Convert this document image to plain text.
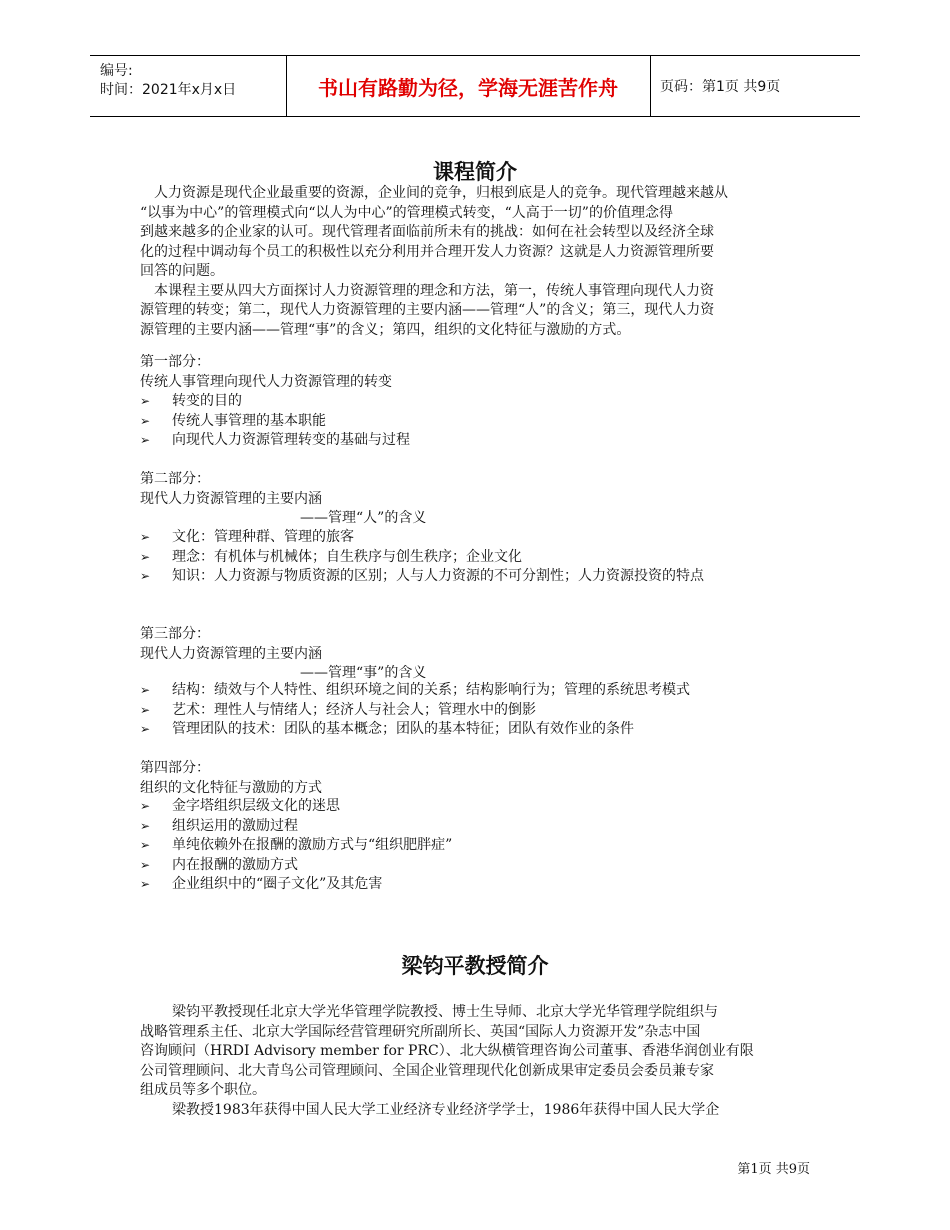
编号:
时间：2021年x月x日	书山有路勤为径，学海无涯苦作舟	页码：第1页 共9页
课程简介
人力资源是现代企业最重要的资源，企业间的竞争，归根到底是人的竞争。现代管理越来越从
“以事为中心”的管理模式向“以人为中心”的管理模式转变，“人高于一切”的价值理念得
到越来越多的企业家的认可。现代管理者面临前所未有的挑战：如何在社会转型以及经济全球
化的过程中调动每个员工的积极性以充分利用并合理开发人力资源？这就是人力资源管理所要
回答的问题。
本课程主要从四大方面探讨人力资源管理的理念和方法，第一，传统人事管理向现代人力资
源管理的转变；第二，现代人力资源管理的主要内涵——管理“人”的含义；第三，现代人力资
源管理的主要内涵——管理“事”的含义；第四，组织的文化特征与激励的方式。
第一部分：
传统人事管理向现代人力资源管理的转变
➢	转变的目的
➢	传统人事管理的基本职能
➢	向现代人力资源管理转变的基础与过程
第二部分：
现代人力资源管理的主要内涵
——管理“人”的含义
➢	文化：管理种群、管理的旅客
➢	理念：有机体与机械体；自生秩序与创生秩序；企业文化
➢	知识：人力资源与物质资源的区别；人与人力资源的不可分割性；人力资源投资的特点
第三部分：
现代人力资源管理的主要内涵
——管理“事”的含义
➢	结构：绩效与个人特性、组织环境之间的关系；结构影响行为；管理的系统思考模式
➢	艺术：理性人与情绪人；经济人与社会人；管理水中的倒影
➢	管理团队的技术：团队的基本概念；团队的基本特征；团队有效作业的条件
第四部分：
组织的文化特征与激励的方式
➢	金字塔组织层级文化的迷思
➢	组织运用的激励过程
➢	单纯依赖外在报酬的激励方式与“组织肥胖症”
➢	内在报酬的激励方式
➢	企业组织中的“圈子文化”及其危害
梁钧平教授简介
梁钧平教授现任北京大学光华管理学院教授、博士生导师、北京大学光华管理学院组织与
战略管理系主任、北京大学国际经营管理研究所副所长、英国“国际人力资源开发”杂志中国
咨询顾问（HRDI Advisory member for PRC）、北大纵横管理咨询公司董事、香港华润创业有限
公司管理顾问、北大青鸟公司管理顾问、全国企业管理现代化创新成果审定委员会委员兼专家
组成员等多个职位。
梁教授1983年获得中国人民大学工业经济专业经济学学士，1986年获得中国人民大学企
第1页 共9页
